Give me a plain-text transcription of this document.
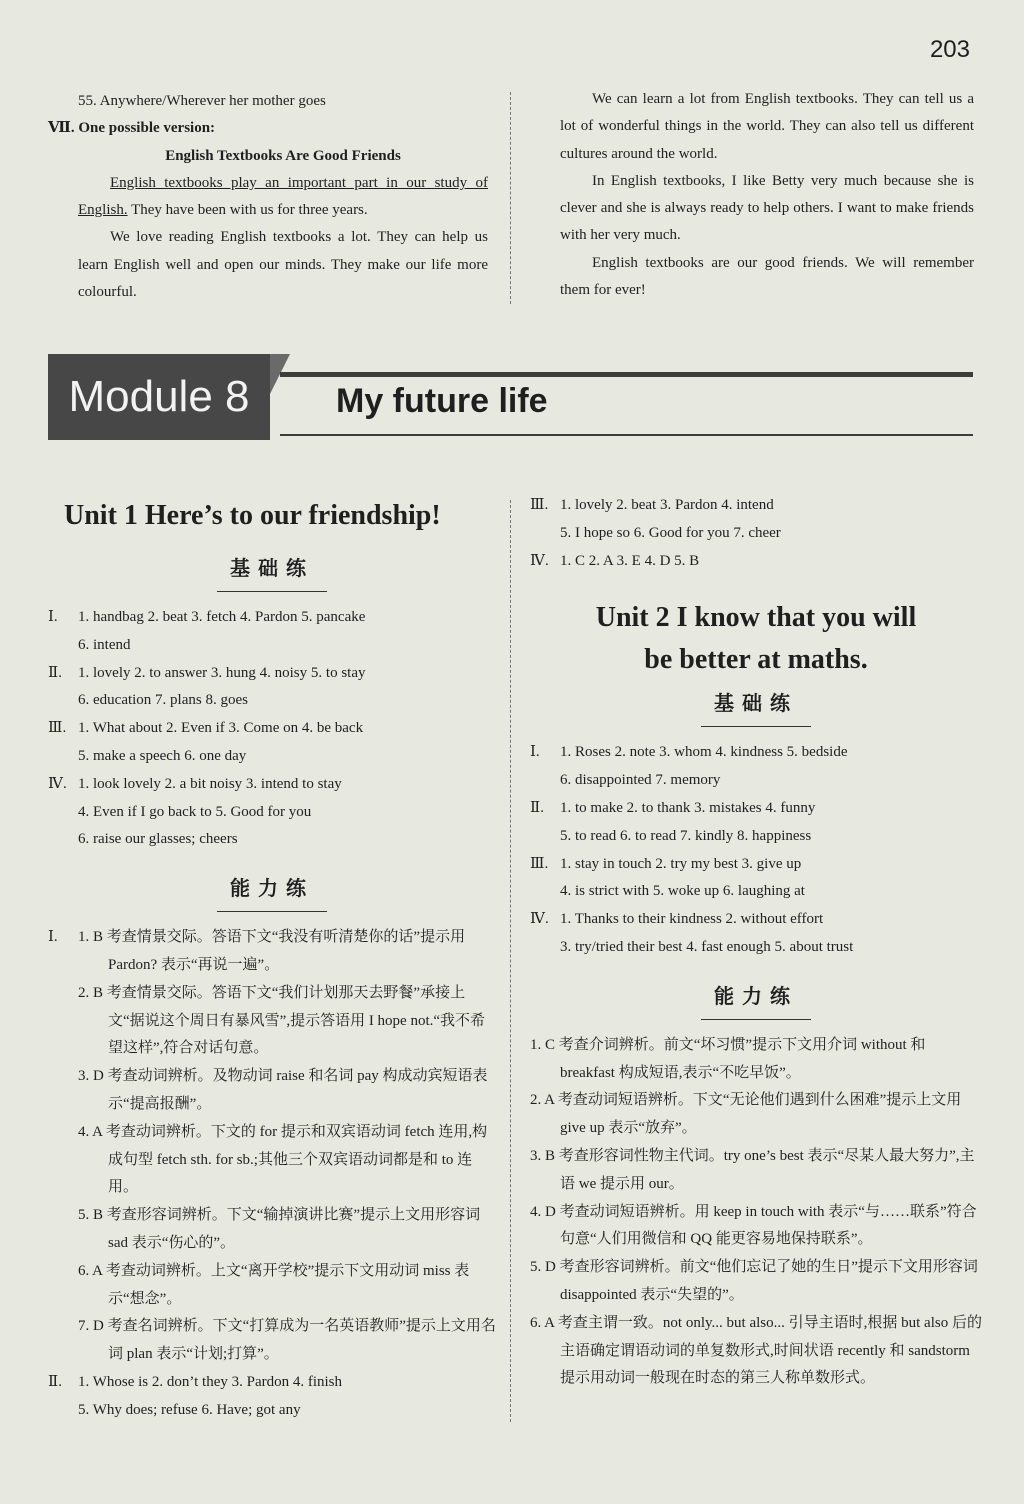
203
55. Anywhere/Wherever her mother goes
Ⅶ. One possible version:
English Textbooks Are Good Friends
English textbooks play an important part in our study of English. They have been with us for three years.
We love reading English textbooks a lot. They can help us learn English well and open our minds. They make our life more colourful.
We can learn a lot from English textbooks. They can tell us a lot of wonderful things in the world. They can also tell us different cultures around the world.
In English textbooks, I like Betty very much because she is clever and she is always ready to help others. I want to make friends with her very much.
English textbooks are our good friends. We will remember them for ever!
Module 8	My future life
Unit 1 Here’s to our friendship!
基础练
Ⅰ.	1. handbag 2. beat 3. fetch 4. Pardon 5. pancake
6. intend
Ⅱ.	1. lovely 2. to answer 3. hung 4. noisy 5. to stay
6. education 7. plans 8. goes
Ⅲ. 1. What about 2. Even if 3. Come on 4. be back
5. make a speech 6. one day
Ⅳ. 1. look lovely 2. a bit noisy 3. intend to stay
4. Even if I go back to 5. Good for you
6. raise our glasses; cheers
能力练
Ⅰ.	1. B 考查情景交际。答语下文“我没有听清楚你的话”提示用 Pardon? 表示“再说一遍”。
2. B 考查情景交际。答语下文“我们计划那天去野餐”承接上文“据说这个周日有暴风雪”,提示答语用 I hope not.“我不希望这样”,符合对话句意。
3. D 考查动词辨析。及物动词 raise 和名词 pay 构成动宾短语表示“提高报酬”。
4. A 考查动词辨析。下文的 for 提示和双宾语动词 fetch 连用,构成句型 fetch sth. for sb.;其他三个双宾语动词都是和 to 连用。
5. B 考查形容词辨析。下文“输掉演讲比赛”提示上文用形容词 sad 表示“伤心的”。
6. A 考查动词辨析。上文“离开学校”提示下文用动词 miss 表示“想念”。
7. D 考查名词辨析。下文“打算成为一名英语教师”提示上文用名词 plan 表示“计划;打算”。
Ⅱ.	1. Whose is 2. don’t they 3. Pardon 4. finish
5. Why does; refuse 6. Have; got any
Ⅲ. 1. lovely 2. beat 3. Pardon 4. intend
5. I hope so 6. Good for you 7. cheer
Ⅳ. 1. C 2. A 3. E 4. D 5. B
Unit 2 I know that you will
be better at maths.
基础练
Ⅰ.	1. Roses 2. note 3. whom 4. kindness 5. bedside
6. disappointed 7. memory
Ⅱ.	1. to make 2. to thank 3. mistakes 4. funny
5. to read 6. to read 7. kindly 8. happiness
Ⅲ. 1. stay in touch 2. try my best 3. give up
4. is strict with 5. woke up 6. laughing at
Ⅳ. 1. Thanks to their kindness 2. without effort
3. try/tried their best 4. fast enough 5. about trust
能力练
1. C 考查介词辨析。前文“坏习惯”提示下文用介词 without 和 breakfast 构成短语,表示“不吃早饭”。
2. A 考查动词短语辨析。下文“无论他们遇到什么困难”提示上文用 give up 表示“放弃”。
3. B 考查形容词性物主代词。try one’s best 表示“尽某人最大努力”,主语 we 提示用 our。
4. D 考查动词短语辨析。用 keep in touch with 表示“与……联系”符合句意“人们用微信和 QQ 能更容易地保持联系”。
5. D 考查形容词辨析。前文“他们忘记了她的生日”提示下文用形容词 disappointed 表示“失望的”。
6. A 考查主谓一致。not only... but also... 引导主语时,根据 but also 后的主语确定谓语动词的单复数形式,时间状语 recently 和 sandstorm 提示用动词一般现在时态的第三人称单数形式。
